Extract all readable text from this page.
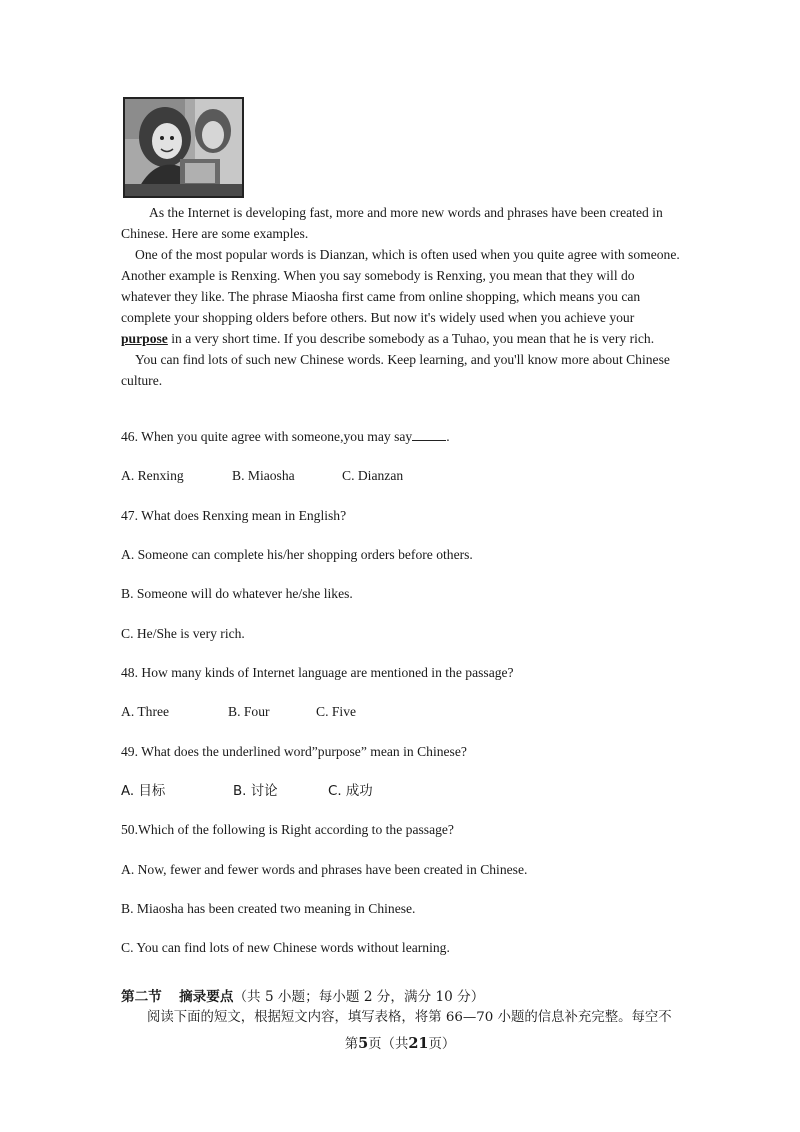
As the Internet is developing fast, more and more new words and phrases have been created in Chinese. Here are some examples.

One of the most popular words is Dianzan, which is often used when you quite agree with someone. Another example is Renxing. When you say somebody is Renxing, you mean that they will do whatever they like. The phrase Miaosha first came from online shopping, which means you can complete your shopping olders before others. But now it's widely used when you achieve your purpose in a very short time. If you describe somebody as a Tuhao, you mean that he is very rich.

You can find lots of such new Chinese words. Keep learning, and you'll know more about Chinese culture.

46. When you quite agree with someone,you may say	.
A. Renxing	B. Miaosha	C. Dianzan
47. What does Renxing mean in English?
A. Someone can complete his/her shopping orders before others.
B. Someone will do whatever he/she likes.
C. He/She is very rich.
48. How many kinds of Internet language are mentioned in the passage?
A. Three	B. Four	C. Five
49. What does the underlined word”purpose” mean in Chinese?
A. 目标	B. 讨论	C. 成功
50.Which of the following is Right according to the passage?
A. Now, fewer and fewer words and phrases have been created in Chinese.
B. Miaosha has been created two meaning in Chinese.
C. You can find lots of new Chinese words without learning.
第二节 摘录要点（共 5 小题；每小题 2 分，满分 10 分）
阅读下面的短文，根据短文内容，填写表格，将第 66—70 小题的信息补充完整。每空不
第5页（共21页）
